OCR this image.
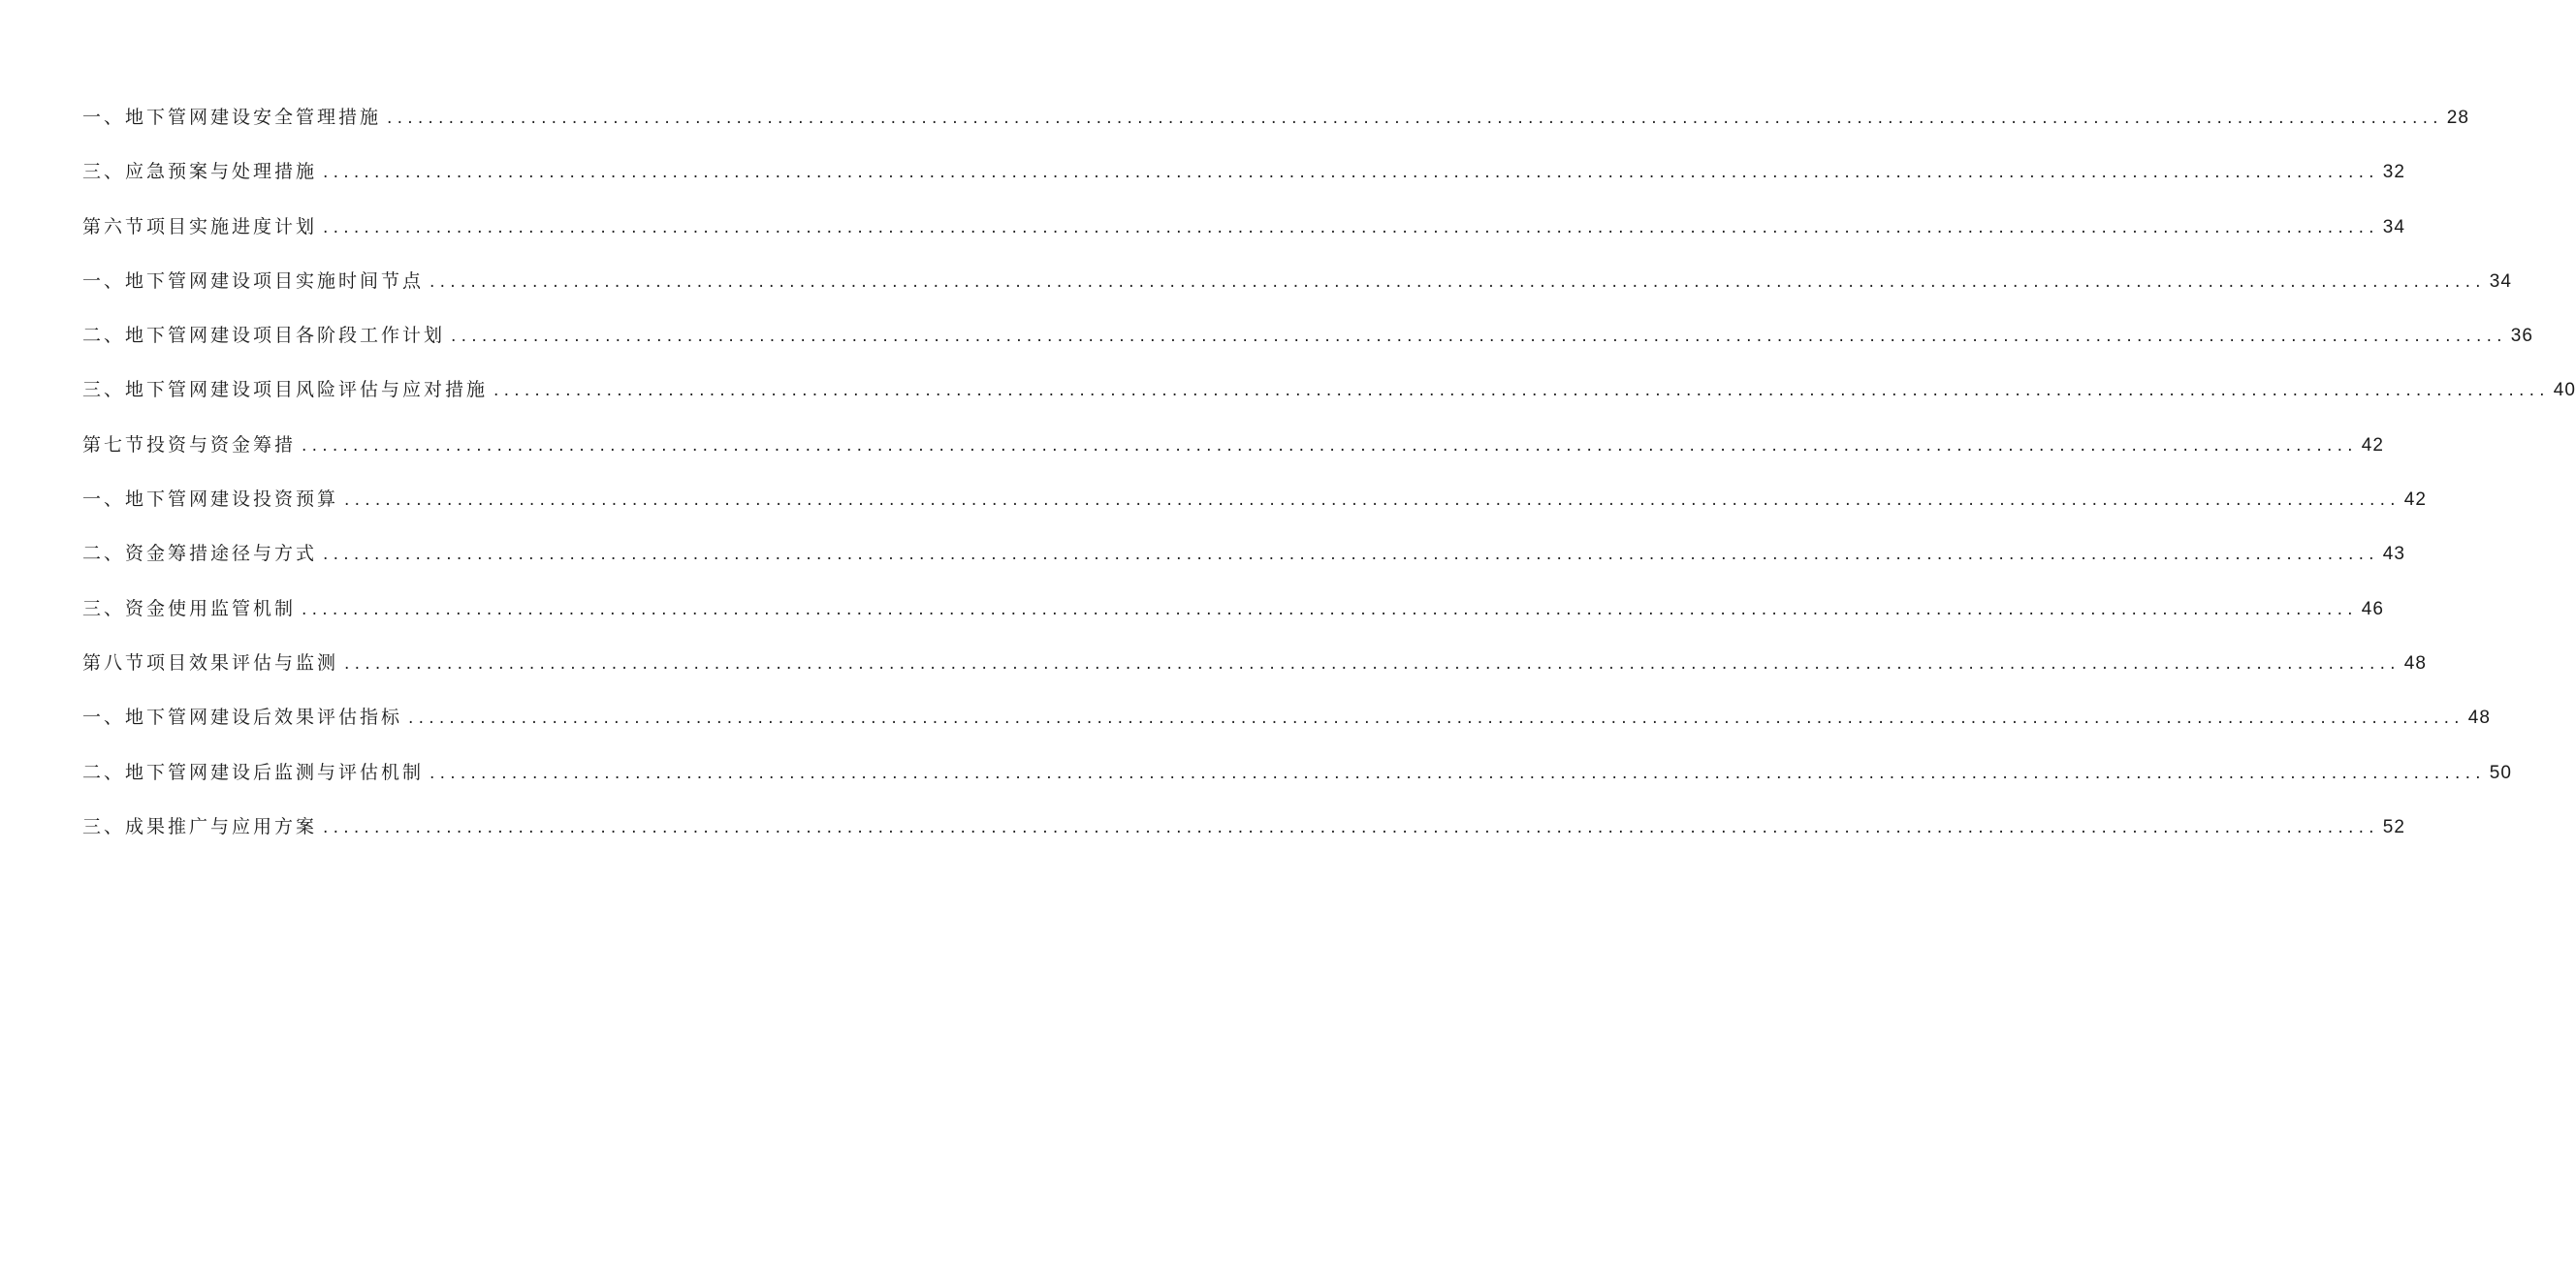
一、地下管网建设安全管理措施 ........................................................................................................................................................................................................ 28
三、应急预案与处理措施 ........................................................................................................................................................................................................ 32
第六节项目实施进度计划 ........................................................................................................................................................................................................ 34
一、地下管网建设项目实施时间节点 ........................................................................................................................................................................................................ 34
二、地下管网建设项目各阶段工作计划 ........................................................................................................................................................................................................ 36
三、地下管网建设项目风险评估与应对措施 ........................................................................................................................................................................................................ 40
第七节投资与资金筹措 ........................................................................................................................................................................................................ 42
一、地下管网建设投资预算 ........................................................................................................................................................................................................ 42
二、资金筹措途径与方式 ........................................................................................................................................................................................................ 43
三、资金使用监管机制 ........................................................................................................................................................................................................ 46
第八节项目效果评估与监测 ........................................................................................................................................................................................................ 48
一、地下管网建设后效果评估指标 ........................................................................................................................................................................................................ 48
二、地下管网建设后监测与评估机制 ........................................................................................................................................................................................................ 50
三、成果推广与应用方案 ........................................................................................................................................................................................................ 52
